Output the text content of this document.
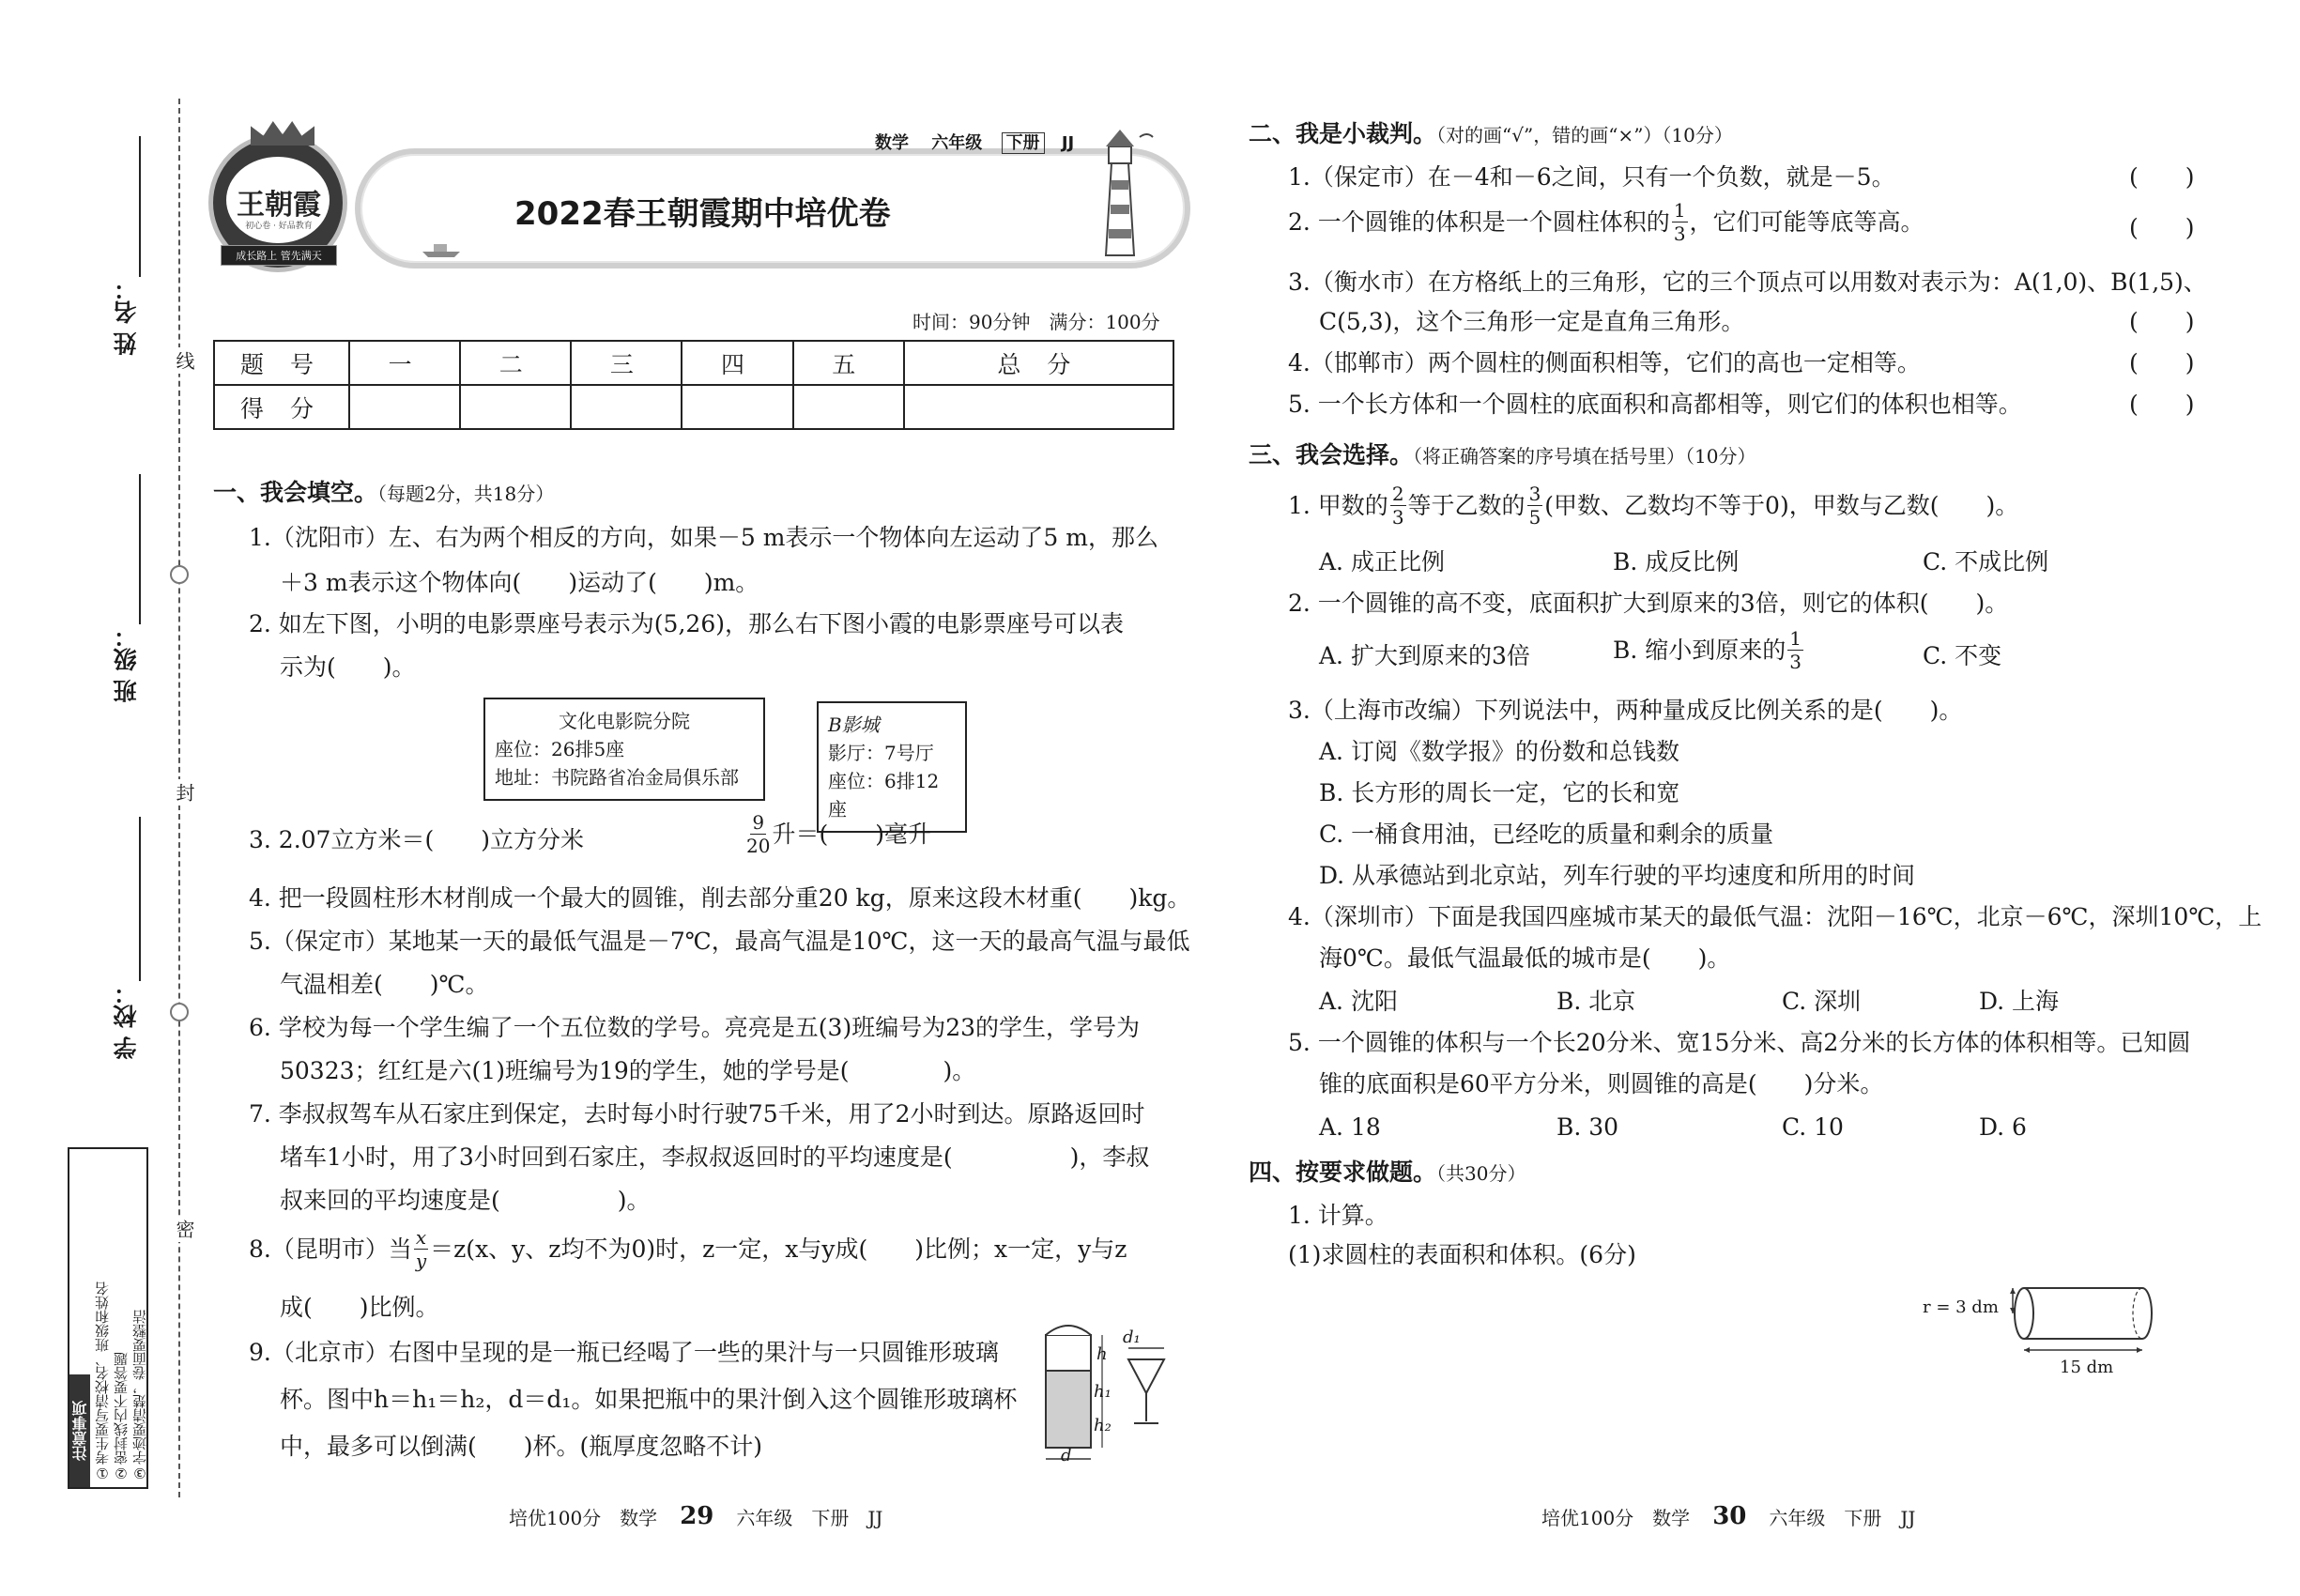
姓 名：
班 级：
学 校：
线
封
密
注意事项 ①考生要写清校名、班级和姓名 ②密封线内不要答题 ③字迹要清楚，卷面要整洁
王朝霞
初心卷 · 好品教育
成长路上 管先满天
数学 六年级 下册 JJ
2022春王朝霞期中培优卷
时间：90分钟　满分：100分
题 号	一	二	三	四	五	总 分
得 分						
一、我会填空。（每题2分，共18分）
1.（沈阳市）左、右为两个相反的方向，如果－5 m表示一个物体向左运动了5 m，那么
＋3 m表示这个物体向(　　)运动了(　　)m。
2. 如左下图，小明的电影票座号表示为(5,26)，那么右下图小霞的电影票座号可以表
示为(　　)。
文化电影院分院
座位：26排5座
地址：书院路省冶金局俱乐部
B影城
影厅：7号厅
座位：6排12座
3. 2.07立方米＝(　　)立方分米	$\frac{9}{20}$ 升＝(　　)毫升
4. 把一段圆柱形木材削成一个最大的圆锥，削去部分重20 kg，原来这段木材重(　　)kg。
5.（保定市）某地某一天的最低气温是－7℃，最高气温是10℃，这一天的最高气温与最低
气温相差(　　)℃。
6. 学校为每一个学生编了一个五位数的学号。亮亮是五(3)班编号为23的学生，学号为
50323；红红是六(1)班编号为19的学生，她的学号是(　　　　)。
7. 李叔叔驾车从石家庄到保定，去时每小时行驶75千米，用了2小时到达。原路返回时
堵车1小时，用了3小时回到石家庄，李叔叔返回时的平均速度是(　　　　　)，李叔
叔来回的平均速度是(　　　　　)。
8.（昆明市）当 $\frac{x}{y} =z(x$、y、z均不为0)时，z一定，x与y成(　　)比例；x一定，y与z
成(　　)比例。
9.（北京市）右图中呈现的是一瓶已经喝了一些的果汁与一只圆锥形玻璃
杯。图中h＝h₁＝h₂，d＝d₁。如果把瓶中的果汁倒入这个圆锥形玻璃杯
中，最多可以倒满(　　)杯。(瓶厚度忽略不计)
h
h₁
h₂
d
d₁
二、我是小裁判。（对的画“√”，错的画“×”）（10分）
1.（保定市）在－4和－6之间，只有一个负数，就是－5。	(　　)
2. 一个圆锥的体积是一个圆柱体积的 $\frac{1}{3}$ ，它们可能等底等高。	(　　)
3.（衡水市）在方格纸上的三角形，它的三个顶点可以用数对表示为：A(1,0)、B(1,5)、
C(5,3)，这个三角形一定是直角三角形。	(　　)
4.（邯郸市）两个圆柱的侧面积相等，它们的高也一定相等。	(　　)
5. 一个长方体和一个圆柱的底面积和高都相等，则它们的体积也相等。	(　　)
三、我会选择。（将正确答案的序号填在括号里）（10分）
1. 甲数的 $\frac{2}{3}$ 等于乙数的 $\frac{3}{5}$ (甲数、乙数均不等于0)，甲数与乙数(　　)。
A. 成正比例	B. 成反比例	C. 不成比例
2. 一个圆锥的高不变，底面积扩大到原来的3倍，则它的体积(　　)。
A. 扩大到原来的3倍	B. 缩小到原来的 $\frac{1}{3}$	C. 不变
3.（上海市改编）下列说法中，两种量成反比例关系的是(　　)。
A. 订阅《数学报》的份数和总钱数
B. 长方形的周长一定，它的长和宽
C. 一桶食用油，已经吃的质量和剩余的质量
D. 从承德站到北京站，列车行驶的平均速度和所用的时间
4.（深圳市）下面是我国四座城市某天的最低气温：沈阳－16℃，北京－6℃，深圳10℃，上
海0℃。最低气温最低的城市是(　　)。
A. 沈阳	B. 北京	C. 深圳	D. 上海
5. 一个圆锥的体积与一个长20分米、宽15分米、高2分米的长方体的体积相等。已知圆
锥的底面积是60平方分米，则圆锥的高是(　　)分米。
A. 18	B. 30	C. 10	D. 6
四、按要求做题。（共30分）
1. 计算。
(1)求圆柱的表面积和体积。(6分)
r = 3 dm
15 dm
培优100分　数学 29 六年级　下册　JJ	培优100分　数学 30 六年级　下册　JJ
